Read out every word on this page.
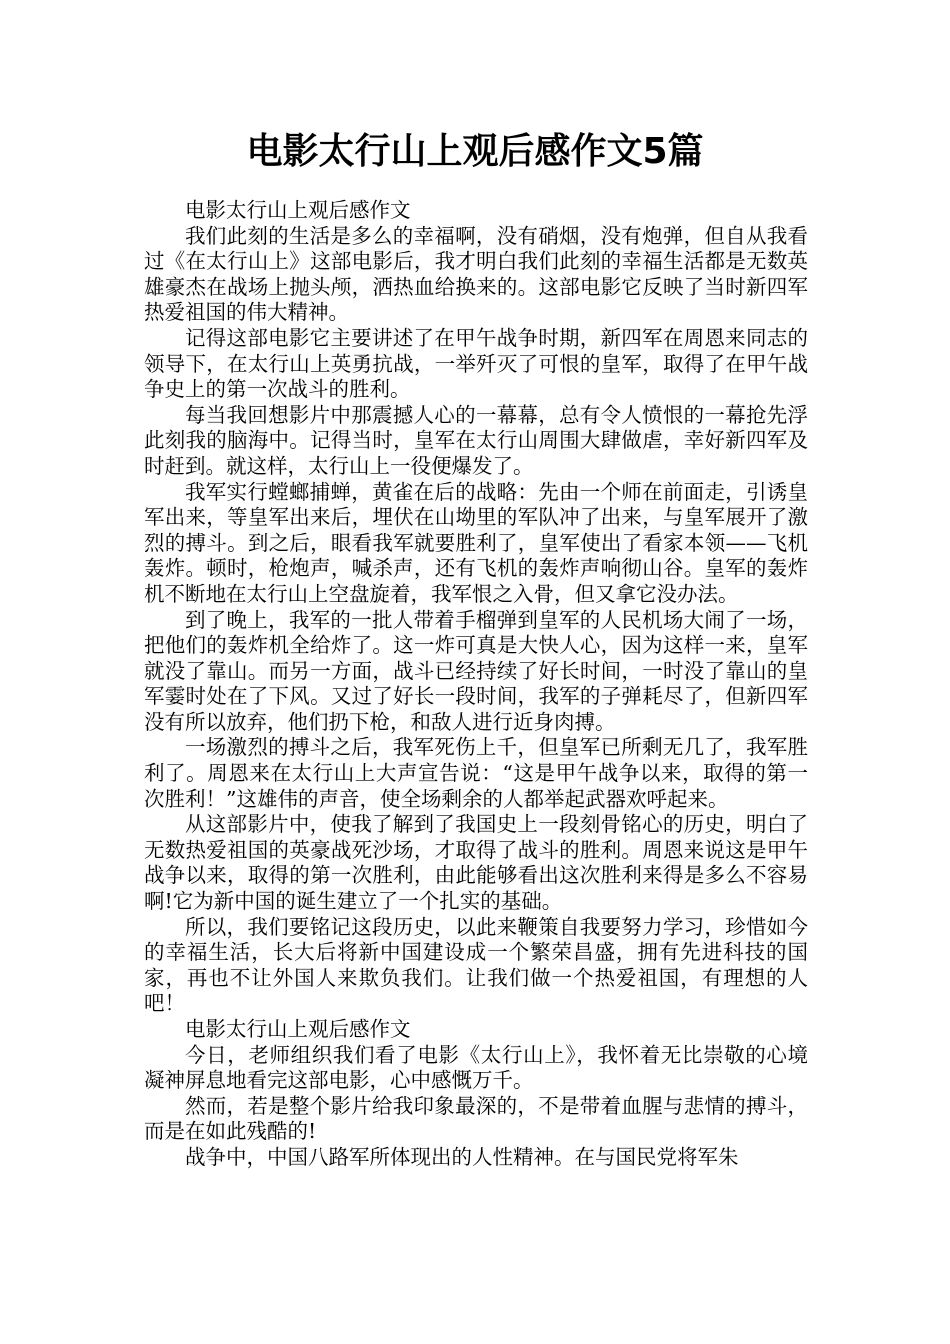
电影太行山上观后感作文5篇

电影太行山上观后感作文

我们此刻的生活是多么的幸福啊，没有硝烟，没有炮弹，但自从我看过《在太行山上》这部电影后，我才明白我们此刻的幸福生活都是无数英雄豪杰在战场上抛头颅，洒热血给换来的。这部电影它反映了当时新四军热爱祖国的伟大精神。

记得这部电影它主要讲述了在甲午战争时期，新四军在周恩来同志的领导下，在太行山上英勇抗战，一举歼灭了可恨的皇军，取得了在甲午战争史上的第一次战斗的胜利。

每当我回想影片中那震撼人心的一幕幕，总有令人愤恨的一幕抢先浮此刻我的脑海中。记得当时，皇军在太行山周围大肆做虐，幸好新四军及时赶到。就这样，太行山上一役便爆发了。

我军实行螳螂捕蝉，黄雀在后的战略：先由一个师在前面走，引诱皇军出来，等皇军出来后，埋伏在山坳里的军队冲了出来，与皇军展开了激烈的搏斗。到之后，眼看我军就要胜利了，皇军使出了看家本领——飞机轰炸。顿时，枪炮声，喊杀声，还有飞机的轰炸声响彻山谷。皇军的轰炸机不断地在太行山上空盘旋着，我军恨之入骨，但又拿它没办法。

到了晚上，我军的一批人带着手榴弹到皇军的人民机场大闹了一场，把他们的轰炸机全给炸了。这一炸可真是大快人心，因为这样一来，皇军就没了靠山。而另一方面，战斗已经持续了好长时间，一时没了靠山的皇军霎时处在了下风。又过了好长一段时间，我军的子弹耗尽了，但新四军没有所以放弃，他们扔下枪，和敌人进行近身肉搏。

一场激烈的搏斗之后，我军死伤上千，但皇军已所剩无几了，我军胜利了。周恩来在太行山上大声宣告说：“这是甲午战争以来，取得的第一次胜利！”这雄伟的声音，使全场剩余的人都举起武器欢呼起来。

从这部影片中，使我了解到了我国史上一段刻骨铭心的历史，明白了无数热爱祖国的英豪战死沙场，才取得了战斗的胜利。周恩来说这是甲午战争以来，取得的第一次胜利，由此能够看出这次胜利来得是多么不容易啊!它为新中国的诞生建立了一个扎实的基础。

所以，我们要铭记这段历史，以此来鞭策自我要努力学习，珍惜如今的幸福生活，长大后将新中国建设成一个繁荣昌盛，拥有先进科技的国家，再也不让外国人来欺负我们。让我们做一个热爱祖国，有理想的人吧！

电影太行山上观后感作文

今日，老师组织我们看了电影《太行山上》，我怀着无比崇敬的心境凝神屏息地看完这部电影，心中感慨万千。

然而，若是整个影片给我印象最深的，不是带着血腥与悲情的搏斗，而是在如此残酷的!

战争中，中国八路军所体现出的人性精神。在与国民党将军朱
